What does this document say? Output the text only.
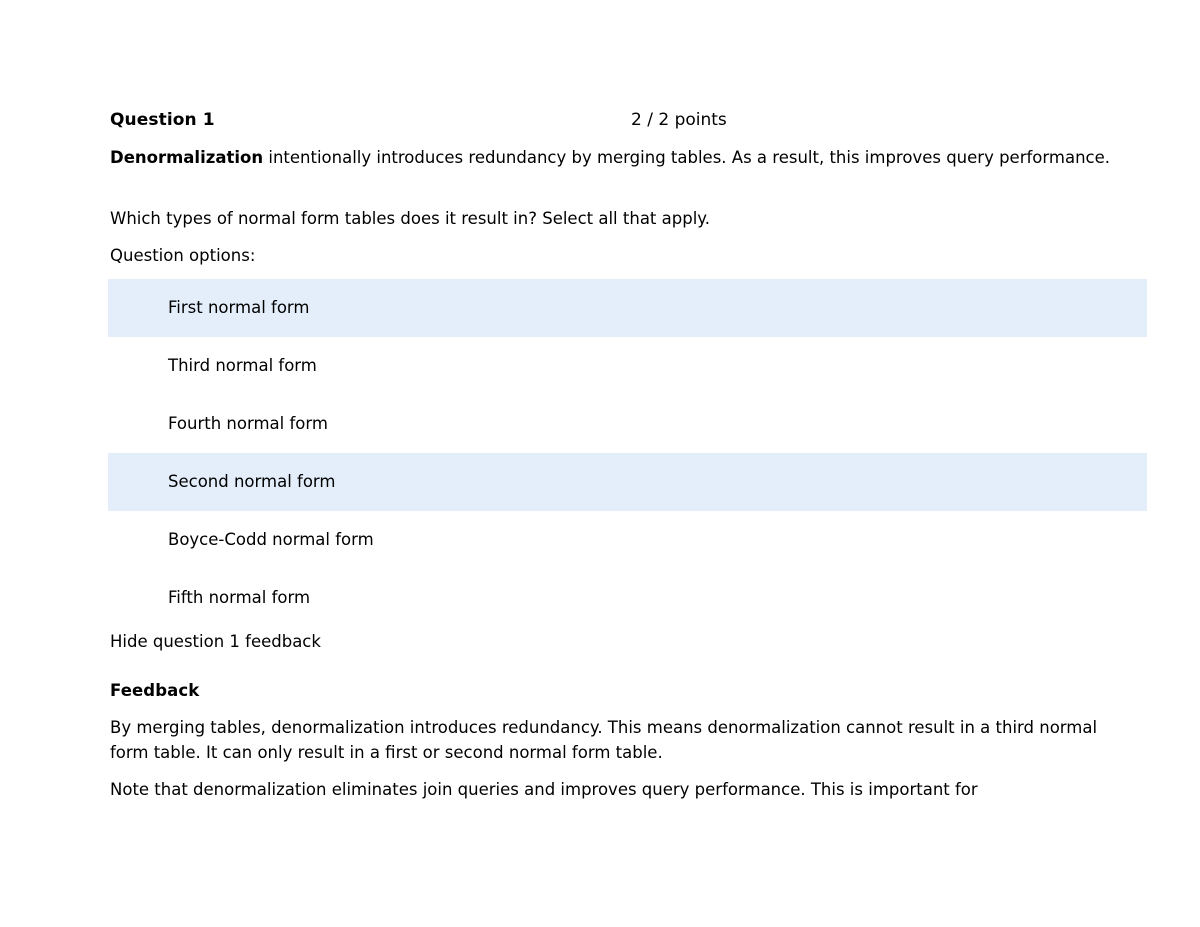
Question 1	2 / 2 points
Denormalization intentionally introduces redundancy by merging tables. As a result, this improves query performance.
Which types of normal form tables does it result in? Select all that apply.
Question options:
First normal form
Third normal form
Fourth normal form
Second normal form
Boyce-Codd normal form
Fifth normal form
Hide question 1 feedback
Feedback
By merging tables, denormalization introduces redundancy. This means denormalization cannot result in a third normal form table. It can only result in a first or second normal form table.
Note that denormalization eliminates join queries and improves query performance. This is important for
